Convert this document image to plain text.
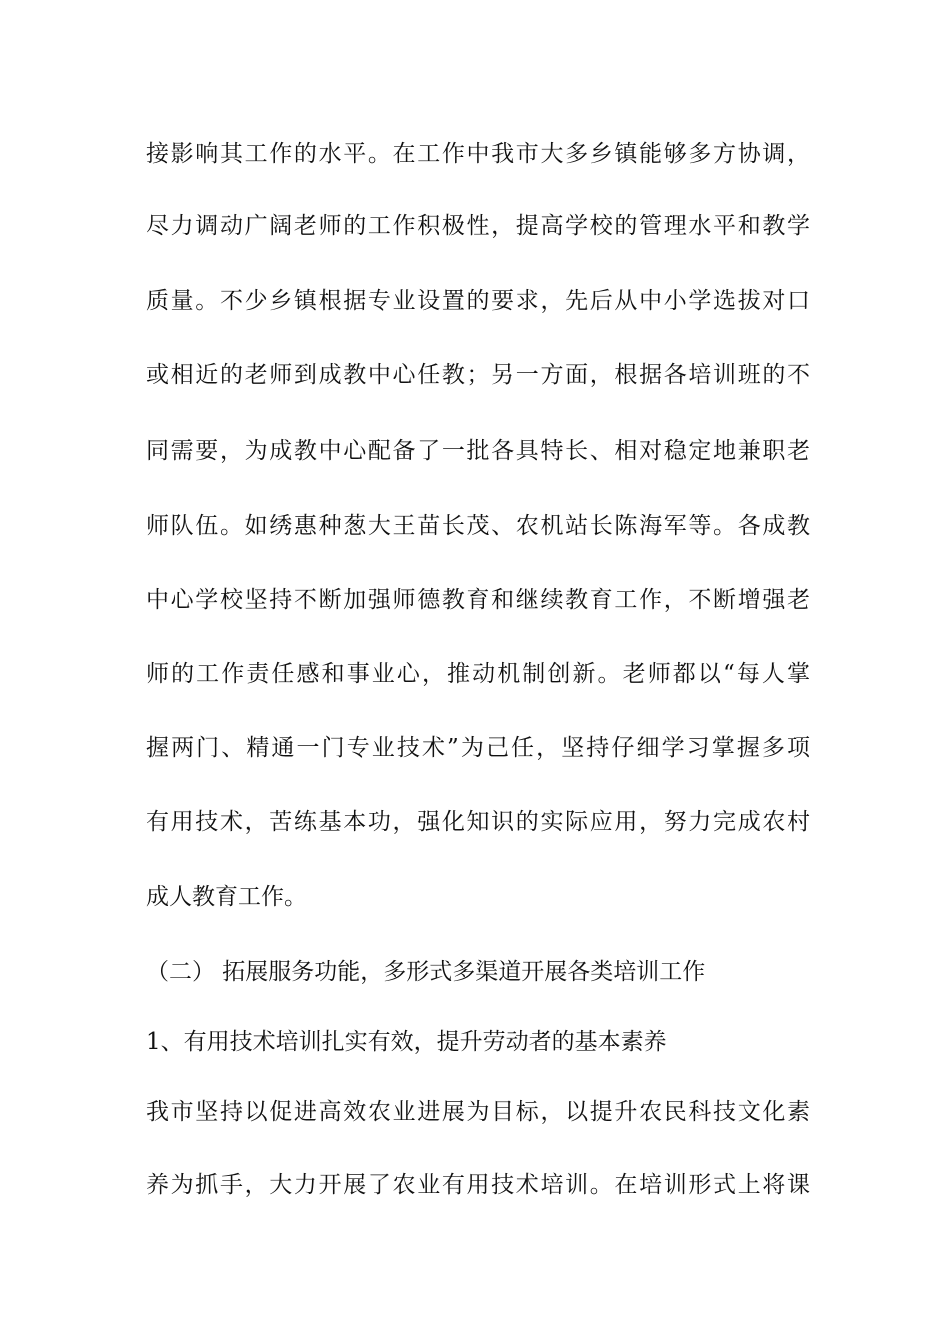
接影响其工作的水平。在工作中我市大多乡镇能够多方协调，
尽力调动广阔老师的工作积极性，提高学校的管理水平和教学
质量。不少乡镇根据专业设置的要求，先后从中小学选拔对口
或相近的老师到成教中心任教；另一方面，根据各培训班的不
同需要，为成教中心配备了一批各具特长、相对稳定地兼职老
师队伍。如绣惠种葱大王苗长茂、农机站长陈海军等。各成教
中心学校坚持不断加强师德教育和继续教育工作，不断增强老
师的工作责任感和事业心，推动机制创新。老师都以“每人掌
握两门、精通一门专业技术”为己任，坚持仔细学习掌握多项
有用技术，苦练基本功，强化知识的实际应用，努力完成农村
成人教育工作。
（二） 拓展服务功能，多形式多渠道开展各类培训工作
1、有用技术培训扎实有效，提升劳动者的基本素养
我市坚持以促进高效农业进展为目标，以提升农民科技文化素
养为抓手，大力开展了农业有用技术培训。在培训形式上将课
